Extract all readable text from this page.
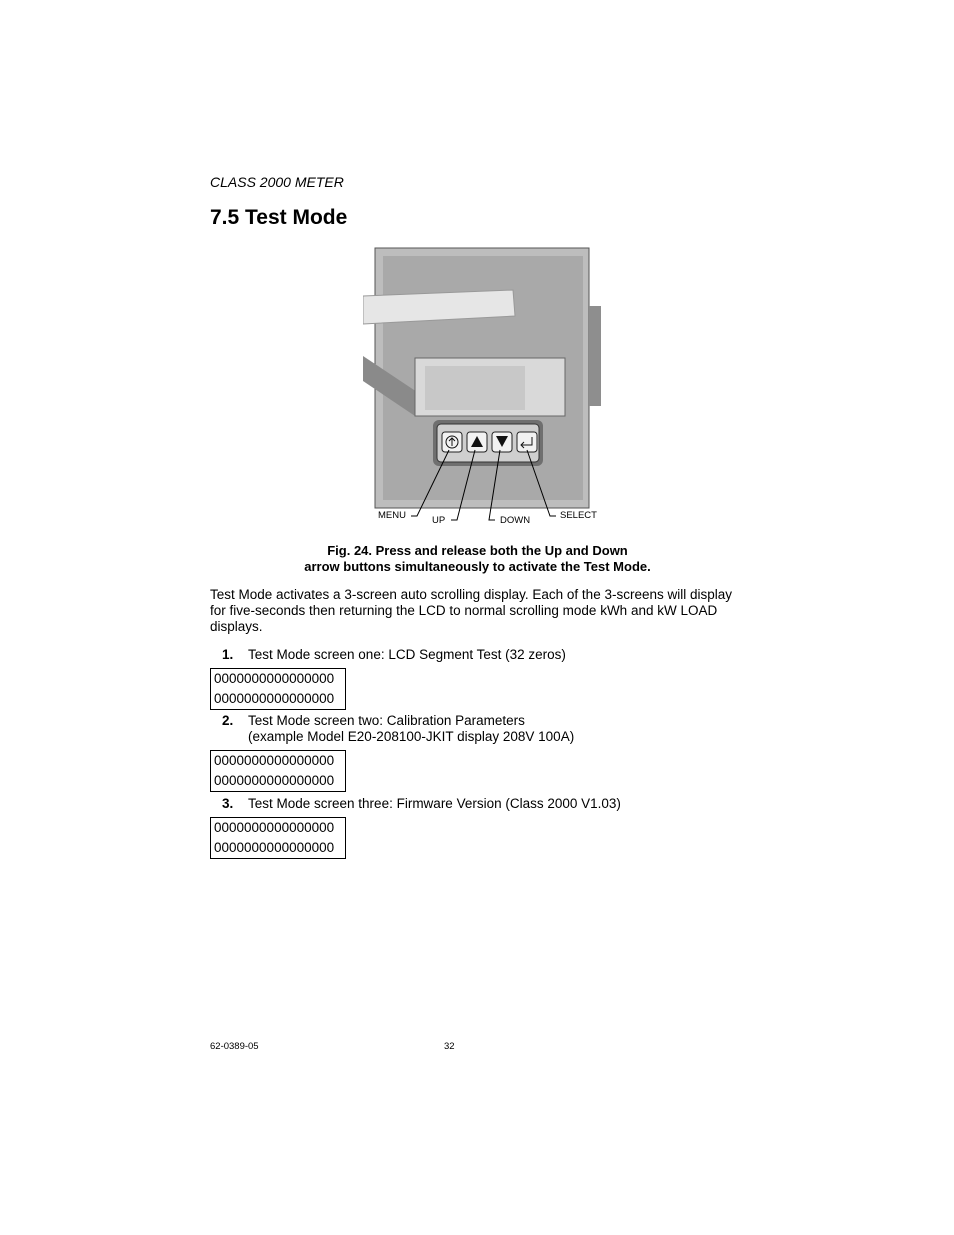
CLASS 2000 METER
7.5 Test Mode
MENU	UP	DOWN	SELECT
Fig. 24. Press and release both the Up and Down
arrow buttons simultaneously to activate the Test Mode.
Test Mode activates a 3-screen auto scrolling display. Each of the 3-screens will display for five-seconds then returning the LCD to normal scrolling mode kWh and kW LOAD displays.
1. Test Mode screen one: LCD Segment Test (32 zeros)
0000000000000000
0000000000000000
2. Test Mode screen two: Calibration Parameters
(example Model E20-208100-JKIT display 208V 100A)
0000000000000000
0000000000000000
3. Test Mode screen three: Firmware Version (Class 2000 V1.03)
0000000000000000
0000000000000000
62-0389-05	32
